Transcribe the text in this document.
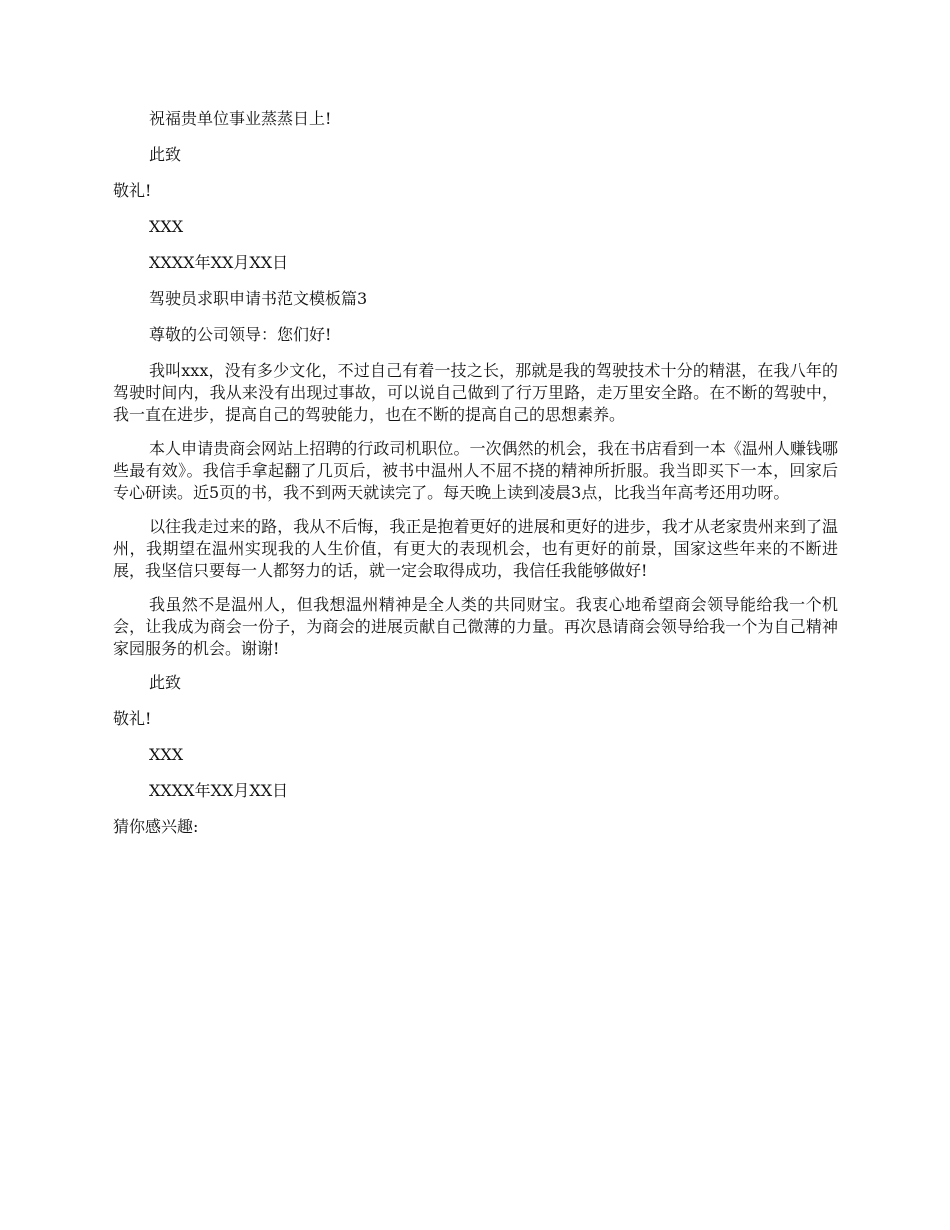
祝福贵单位事业蒸蒸日上!

此致

敬礼!

XXX

XXXX年XX月XX日

驾驶员求职申请书范文模板篇3

尊敬的公司领导：您们好!

我叫xxx，没有多少文化，不过自己有着一技之长，那就是我的驾驶技术十分的精湛，在我八年的驾驶时间内，我从来没有出现过事故，可以说自己做到了行万里路，走万里安全路。在不断的驾驶中，我一直在进步，提高自己的驾驶能力，也在不断的提高自己的思想素养。

本人申请贵商会网站上招聘的行政司机职位。一次偶然的机会，我在书店看到一本《温州人赚钱哪些最有效》。我信手拿起翻了几页后，被书中温州人不屈不挠的精神所折服。我当即买下一本，回家后专心研读。近5页的书，我不到两天就读完了。每天晚上读到凌晨3点，比我当年高考还用功呀。

以往我走过来的路，我从不后悔，我正是抱着更好的进展和更好的进步，我才从老家贵州来到了温州，我期望在温州实现我的人生价值，有更大的表现机会，也有更好的前景，国家这些年来的不断进展，我坚信只要每一人都努力的话，就一定会取得成功，我信任我能够做好!

我虽然不是温州人，但我想温州精神是全人类的共同财宝。我衷心地希望商会领导能给我一个机会，让我成为商会一份子，为商会的进展贡献自己微薄的力量。再次恳请商会领导给我一个为自己精神家园服务的机会。谢谢!

此致

敬礼!

XXX

XXXX年XX月XX日

猜你感兴趣:
